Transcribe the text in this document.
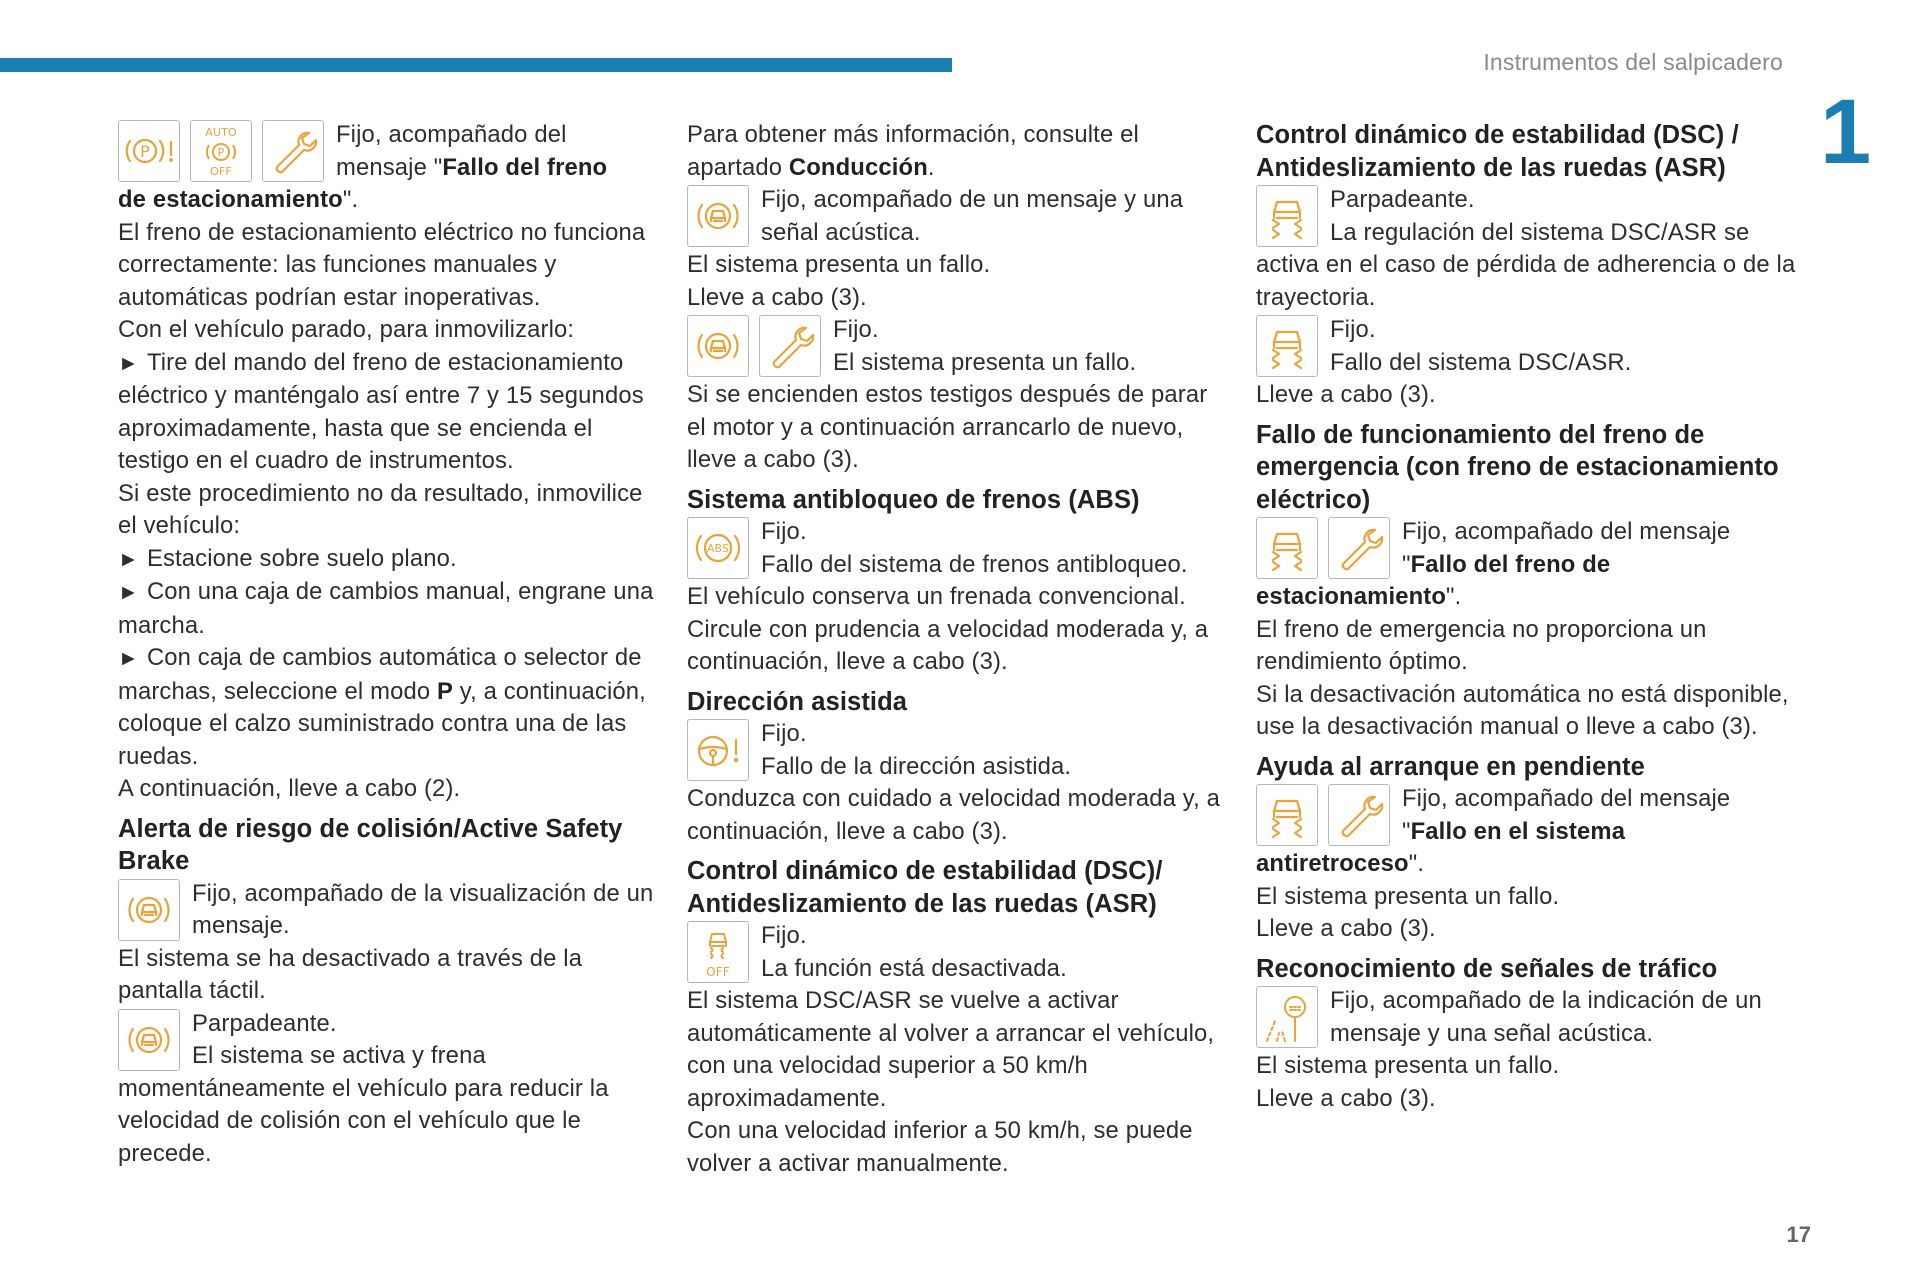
Instrumentos del salpicadero
1
P
AUTO
P
OFF

Fijo, acompañado del
mensaje "Fallo del freno
de estacionamiento".

El freno de estacionamiento eléctrico no funciona correctamente: las funciones manuales y automáticas podrían estar inoperativas.

Con el vehículo parado, para inmovilizarlo:

► Tire del mando del freno de estacionamiento eléctrico y manténgalo así entre 7 y 15 segundos aproximadamente, hasta que se encienda el testigo en el cuadro de instrumentos.

Si este procedimiento no da resultado, inmovilice el vehículo:

► Estacione sobre suelo plano.

► Con una caja de cambios manual, engrane una marcha.

► Con caja de cambios automática o selector de marchas, seleccione el modo P y, a continuación, coloque el calzo suministrado contra una de las ruedas.

A continuación, lleve a cabo (2).

Alerta de riesgo de colisión/Active Safety Brake

Fijo, acompañado de la visualización de un mensaje.

El sistema se ha desactivado a través de la pantalla táctil.

Parpadeante.
El sistema se activa y frena momentáneamente el vehículo para reducir la velocidad de colisión con el vehículo que le precede.

Para obtener más información, consulte el apartado Conducción.

Fijo, acompañado de un mensaje y una señal acústica.

El sistema presenta un fallo.

Lleve a cabo (3).

Fijo.
El sistema presenta un fallo.

Si se encienden estos testigos después de parar el motor y a continuación arrancarlo de nuevo, lleve a cabo (3).

Sistema antibloqueo de frenos (ABS)
ABS

Fijo.
Fallo del sistema de frenos antibloqueo.

El vehículo conserva un frenada convencional.

Circule con prudencia a velocidad moderada y, a continuación, lleve a cabo (3).

Dirección asistida

Fijo.
Fallo de la dirección asistida.

Conduzca con cuidado a velocidad moderada y, a continuación, lleve a cabo (3).

Control dinámico de estabilidad (DSC)/ Antideslizamiento de las ruedas (ASR)
OFF

Fijo.
La función está desactivada.

El sistema DSC/ASR se vuelve a activar automáticamente al volver a arrancar el vehículo, con una velocidad superior a 50 km/h aproximadamente.

Con una velocidad inferior a 50 km/h, se puede volver a activar manualmente.

Control dinámico de estabilidad (DSC) / Antideslizamiento de las ruedas (ASR)

Parpadeante.
La regulación del sistema DSC/ASR se activa en el caso de pérdida de adherencia o de la trayectoria.

Fijo.
Fallo del sistema DSC/ASR.

Lleve a cabo (3).

Fallo de funcionamiento del freno de emergencia (con freno de estacionamiento eléctrico)

Fijo, acompañado del mensaje
"Fallo del freno de
estacionamiento".

El freno de emergencia no proporciona un rendimiento óptimo.

Si la desactivación automática no está disponible, use la desactivación manual o lleve a cabo (3).

Ayuda al arranque en pendiente

Fijo, acompañado del mensaje
"Fallo en el sistema
antiretroceso".

El sistema presenta un fallo.

Lleve a cabo (3).

Reconocimiento de señales de tráfico

Fijo, acompañado de la indicación de un mensaje y una señal acústica.

El sistema presenta un fallo.

Lleve a cabo (3).

17
